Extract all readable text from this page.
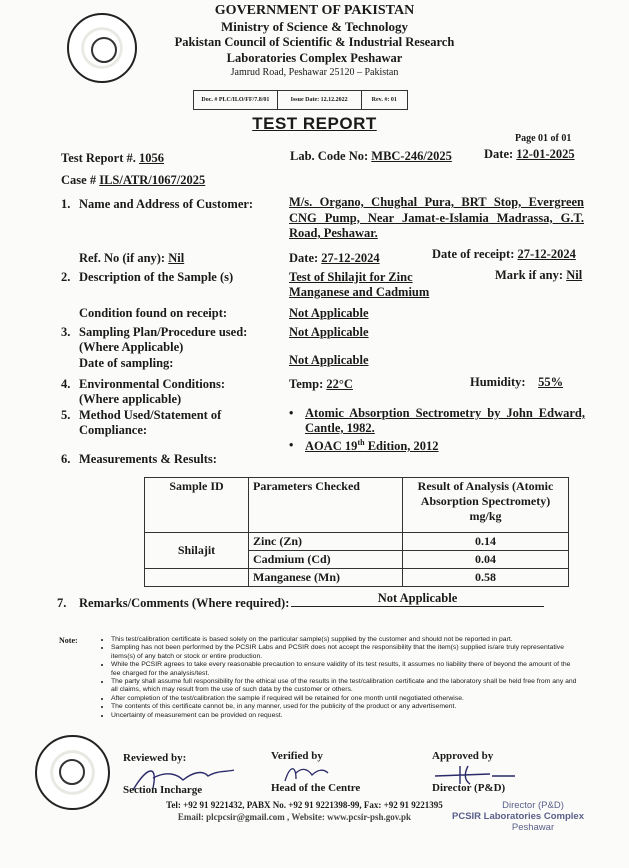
GOVERNMENT OF PAKISTAN
Ministry of Science & Technology
Pakistan Council of Scientific & Industrial Research
Laboratories Complex Peshawar
Jamrud Road, Peshawar 25120 – Pakistan
Doc. # PLC/ILO/FF/7.8/01	Issue Date: 12.12.2022	Rev. #: 01
TEST REPORT
Page 01 of 01
Test Report #. 1056	Lab. Code No: MBC-246/2025	Date: 12-01-2025
Case # ILS/ATR/1067/2025
1. Name and Address of Customer:	M/s. Organo, Chughal Pura, BRT Stop, Evergreen CNG Pump, Near Jamat-e-Islamia Madrassa, G.T. Road, Peshawar.
Ref. No (if any): Nil	Date: 27-12-2024	Date of receipt: 27-12-2024
2. Description of the Sample (s)	Test of Shilajit for Zinc Manganese and Cadmium
Mark if any: Nil
Condition found on receipt:	Not Applicable
3. Sampling Plan/Procedure used:
(Where Applicable)
Not Applicable
Date of sampling:	Not Applicable
4. Environmental Conditions:
(Where applicable)
Temp: 22°C	Humidity: 55%
5. Method Used/Statement of
Compliance:
• Atomic Absorption Sectrometry by John Edward, Cantle, 1982.
• AOAC 19th Edition, 2012
6. Measurements & Results:
Sample ID	Parameters Checked	Result of Analysis (Atomic Absorption Spectromety) mg/kg
Shilajit	Zinc (Zn)	0.14
	Cadmium (Cd)	0.04
	Manganese (Mn)	0.58
7. Remarks/Comments (Where required):	Not Applicable
Note:	• This test/calibration certificate is based solely on the particular sample(s) supplied by the customer and should not be reported in part.
• Sampling has not been performed by the PCSIR Labs and PCSIR does not accept the responsibility that the item(s) supplied is/are truly representative items(s) of any batch or stock or entire production.
• While the PCSIR agrees to take every reasonable precaution to ensure validity of its test results, it assumes no liability there of beyond the amount of the fee charged for the analysis/test.
• The party shall assume full responsibility for the ethical use of the results in the test/calibration certificate and the laboratory shall be held free from any and all claims, which may result from the use of such data by the customer or others.
• After completion of the test/calibration the sample if required will be retained for one month until negotiated otherwise.
• The contents of this certificate cannot be, in any manner, used for the publicity of the product or any advertisement.
• Uncertainty of measurement can be provided on request.
Reviewed by:
Section Incharge
Verified by
Head of the Centre
Approved by
Director (P&D)
Director (P&D)
PCSIR Laboratories Complex
Peshawar
Tel: +92 91 9221432, PABX No. +92 91 9221398-99, Fax: +92 91 9221395
Email: plcpcsir@gmail.com , Website: www.pcsir-psh.gov.pk
